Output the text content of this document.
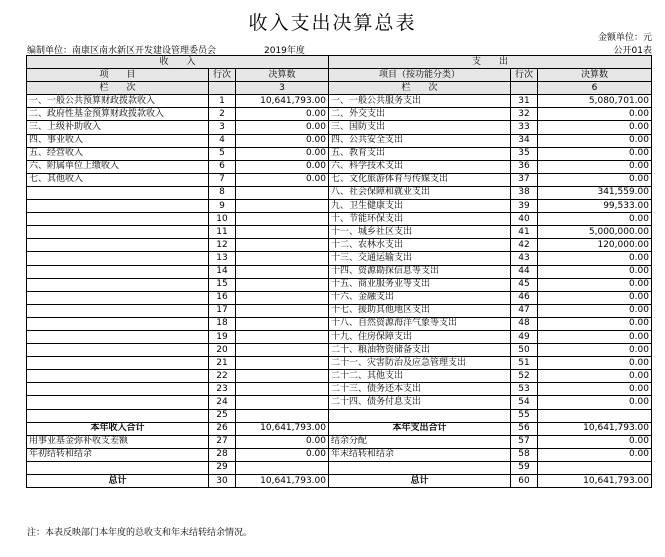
收入支出决算总表
金额单位：元
编制单位：南康区南水新区开发建设管理委员会	2019年度	公开01表
收　　入			支　　出		
项　　目	行次	决算数	项目（按功能分类）	行次	决算数
栏　　次		3	栏　　次		6
一、一般公共预算财政拨款收入	1	10,641,793.00	一、一般公共服务支出	31	5,080,701.00
二、政府性基金预算财政拨款收入	2	0.00	二、外交支出	32	0.00
三、上级补助收入	3	0.00	三、国防支出	33	0.00
四、事业收入	4	0.00	四、公共安全支出	34	0.00
五、经营收入	5	0.00	五、教育支出	35	0.00
六、附属单位上缴收入	6	0.00	六、科学技术支出	36	0.00
七、其他收入	7	0.00	七、文化旅游体育与传媒支出	37	0.00
	8		八、社会保障和就业支出	38	341,559.00
	9		九、卫生健康支出	39	99,533.00
	10		十、节能环保支出	40	0.00
	11		十一、城乡社区支出	41	5,000,000.00
	12		十二、农林水支出	42	120,000.00
	13		十三、交通运输支出	43	0.00
	14		十四、资源勘探信息等支出	44	0.00
	15		十五、商业服务业等支出	45	0.00
	16		十六、金融支出	46	0.00
	17		十七、援助其他地区支出	47	0.00
	18		十八、自然资源海洋气象等支出	48	0.00
	19		十九、住房保障支出	49	0.00
	20		二十、粮油物资储备支出	50	0.00
	21		二十一、灾害防治及应急管理支出	51	0.00
	22		二十二、其他支出	52	0.00
	23		二十三、债务还本支出	53	0.00
	24		二十四、债务付息支出	54	0.00
	25			55	
本年收入合计	26	10,641,793.00	本年支出合计	56	10,641,793.00
用事业基金弥补收支差额	27	0.00	结余分配	57	0.00
年初结转和结余	28	0.00	年末结转和结余	58	0.00
	29			59	
总计	30	10,641,793.00	总计	60	10,641,793.00
注：本表反映部门本年度的总收支和年末结转结余情况。
